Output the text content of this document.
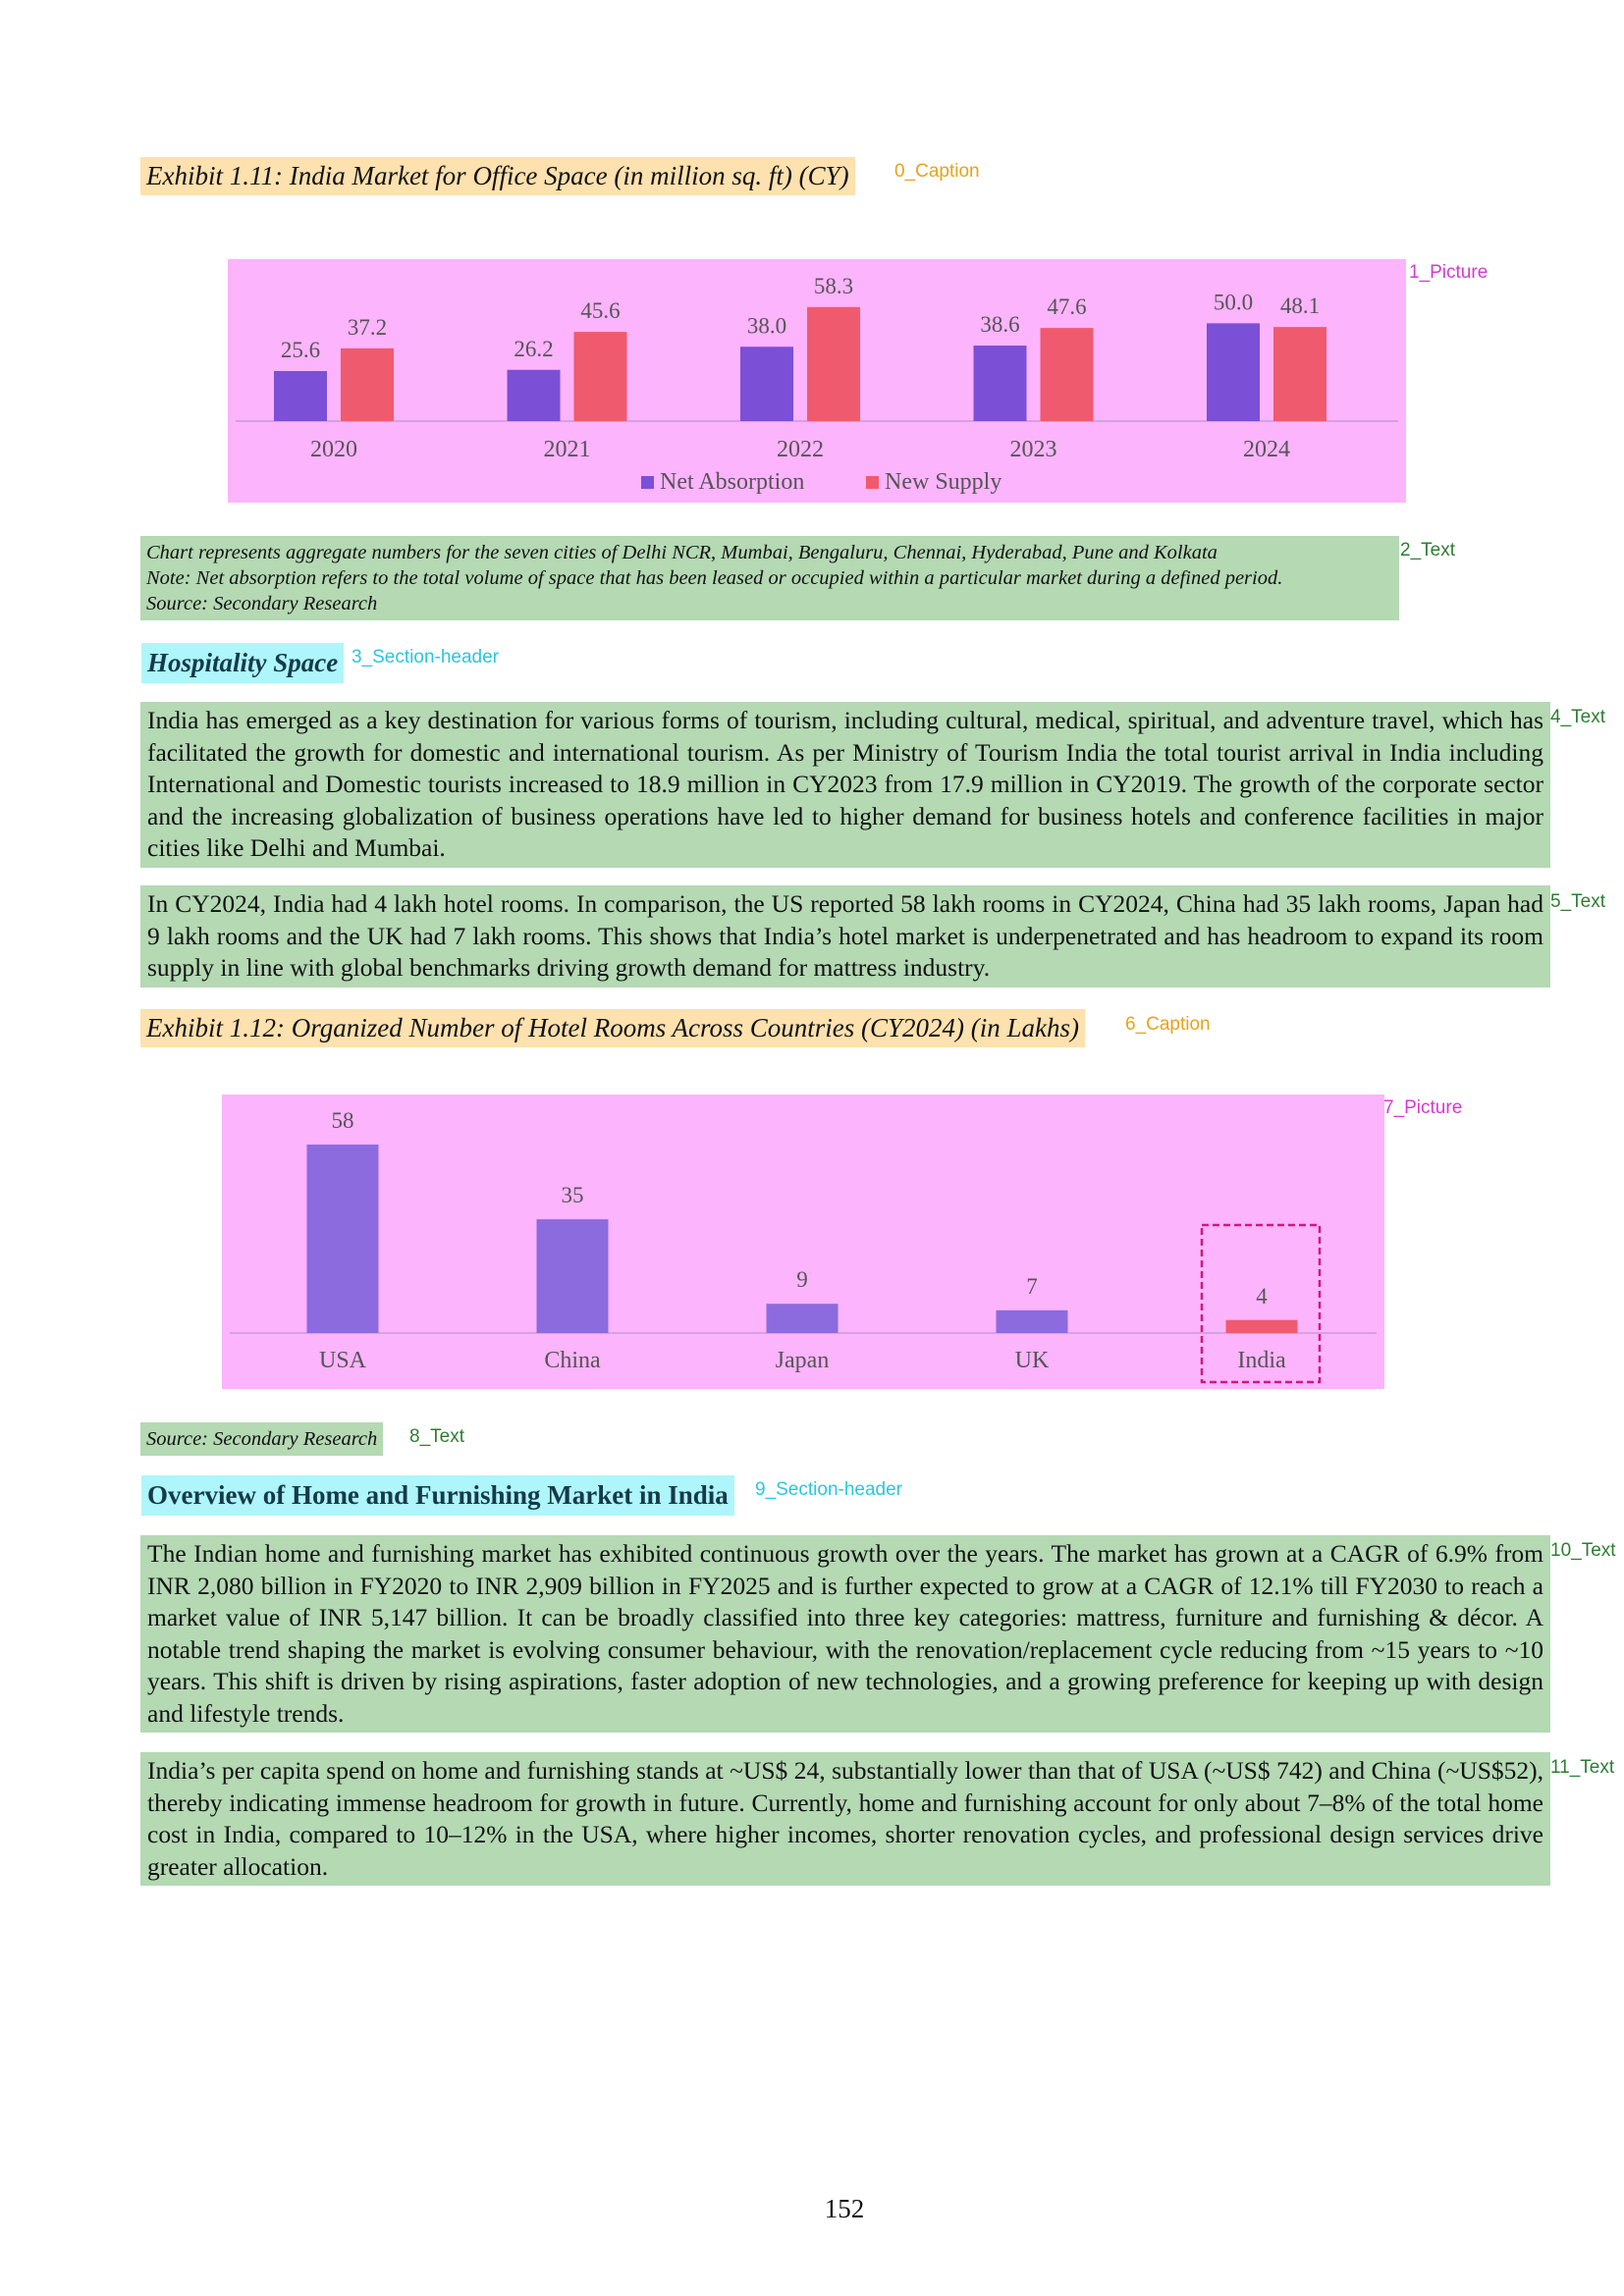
Exhibit 1.11: India Market for Office Space (in million sq. ft) (CY)	0_Caption
25.6
37.2
2020
26.2
45.6
2021
38.0
58.3
2022
38.6
47.6
2023
50.0 48.1
2024
Net Absorption	New Supply
1_Picture
Chart represents aggregate numbers for the seven cities of Delhi NCR, Mumbai, Bengaluru, Chennai, Hyderabad, Pune and Kolkata
Note: Net absorption refers to the total volume of space that has been leased or occupied within a particular market during a defined period.
Source: Secondary Research
2_Text
Hospitality Space 3_Section-header
India has emerged as a key destination for various forms of tourism, including cultural, medical, spiritual, and adventure travel, which has facilitated the growth for domestic and international tourism. As per Ministry of Tourism India the total tourist arrival in India including International and Domestic tourists increased to 18.9 million in CY2023 from 17.9 million in CY2019. The growth of the corporate sector and the increasing globalization of business operations have led to higher demand for business hotels and conference facilities in major cities like Delhi and Mumbai.
4_Text
In CY2024, India had 4 lakh hotel rooms. In comparison, the US reported 58 lakh rooms in CY2024, China had 35 lakh rooms, Japan had 9 lakh rooms and the UK had 7 lakh rooms. This shows that India’s hotel market is underpenetrated and has headroom to expand its room supply in line with global benchmarks driving growth demand for mattress industry.
5_Text
Exhibit 1.12: Organized Number of Hotel Rooms Across Countries (CY2024) (in Lakhs)	6_Caption
58
USA
35
China
9
Japan
7
UK
4
India
7_Picture
Source: Secondary Research	8_Text
Overview of Home and Furnishing Market in India	9_Section-header
The Indian home and furnishing market has exhibited continuous growth over the years. The market has grown at a CAGR of 6.9% from INR 2,080 billion in FY2020 to INR 2,909 billion in FY2025 and is further expected to grow at a CAGR of 12.1% till FY2030 to reach a market value of INR 5,147 billion. It can be broadly classified into three key categories: mattress, furniture and furnishing & décor. A notable trend shaping the market is evolving consumer behaviour, with the renovation/replacement cycle reducing from ~15 years to ~10 years. This shift is driven by rising aspirations, faster adoption of new technologies, and a growing preference for keeping up with design and lifestyle trends.
10_Text
India’s per capita spend on home and furnishing stands at ~US$ 24, substantially lower than that of USA (~US$ 742) and China (~US$52), thereby indicating immense headroom for growth in future. Currently, home and furnishing account for only about 7–8% of the total home cost in India, compared to 10–12% in the USA, where higher incomes, shorter renovation cycles, and professional design services drive greater allocation.
11_Text
152
